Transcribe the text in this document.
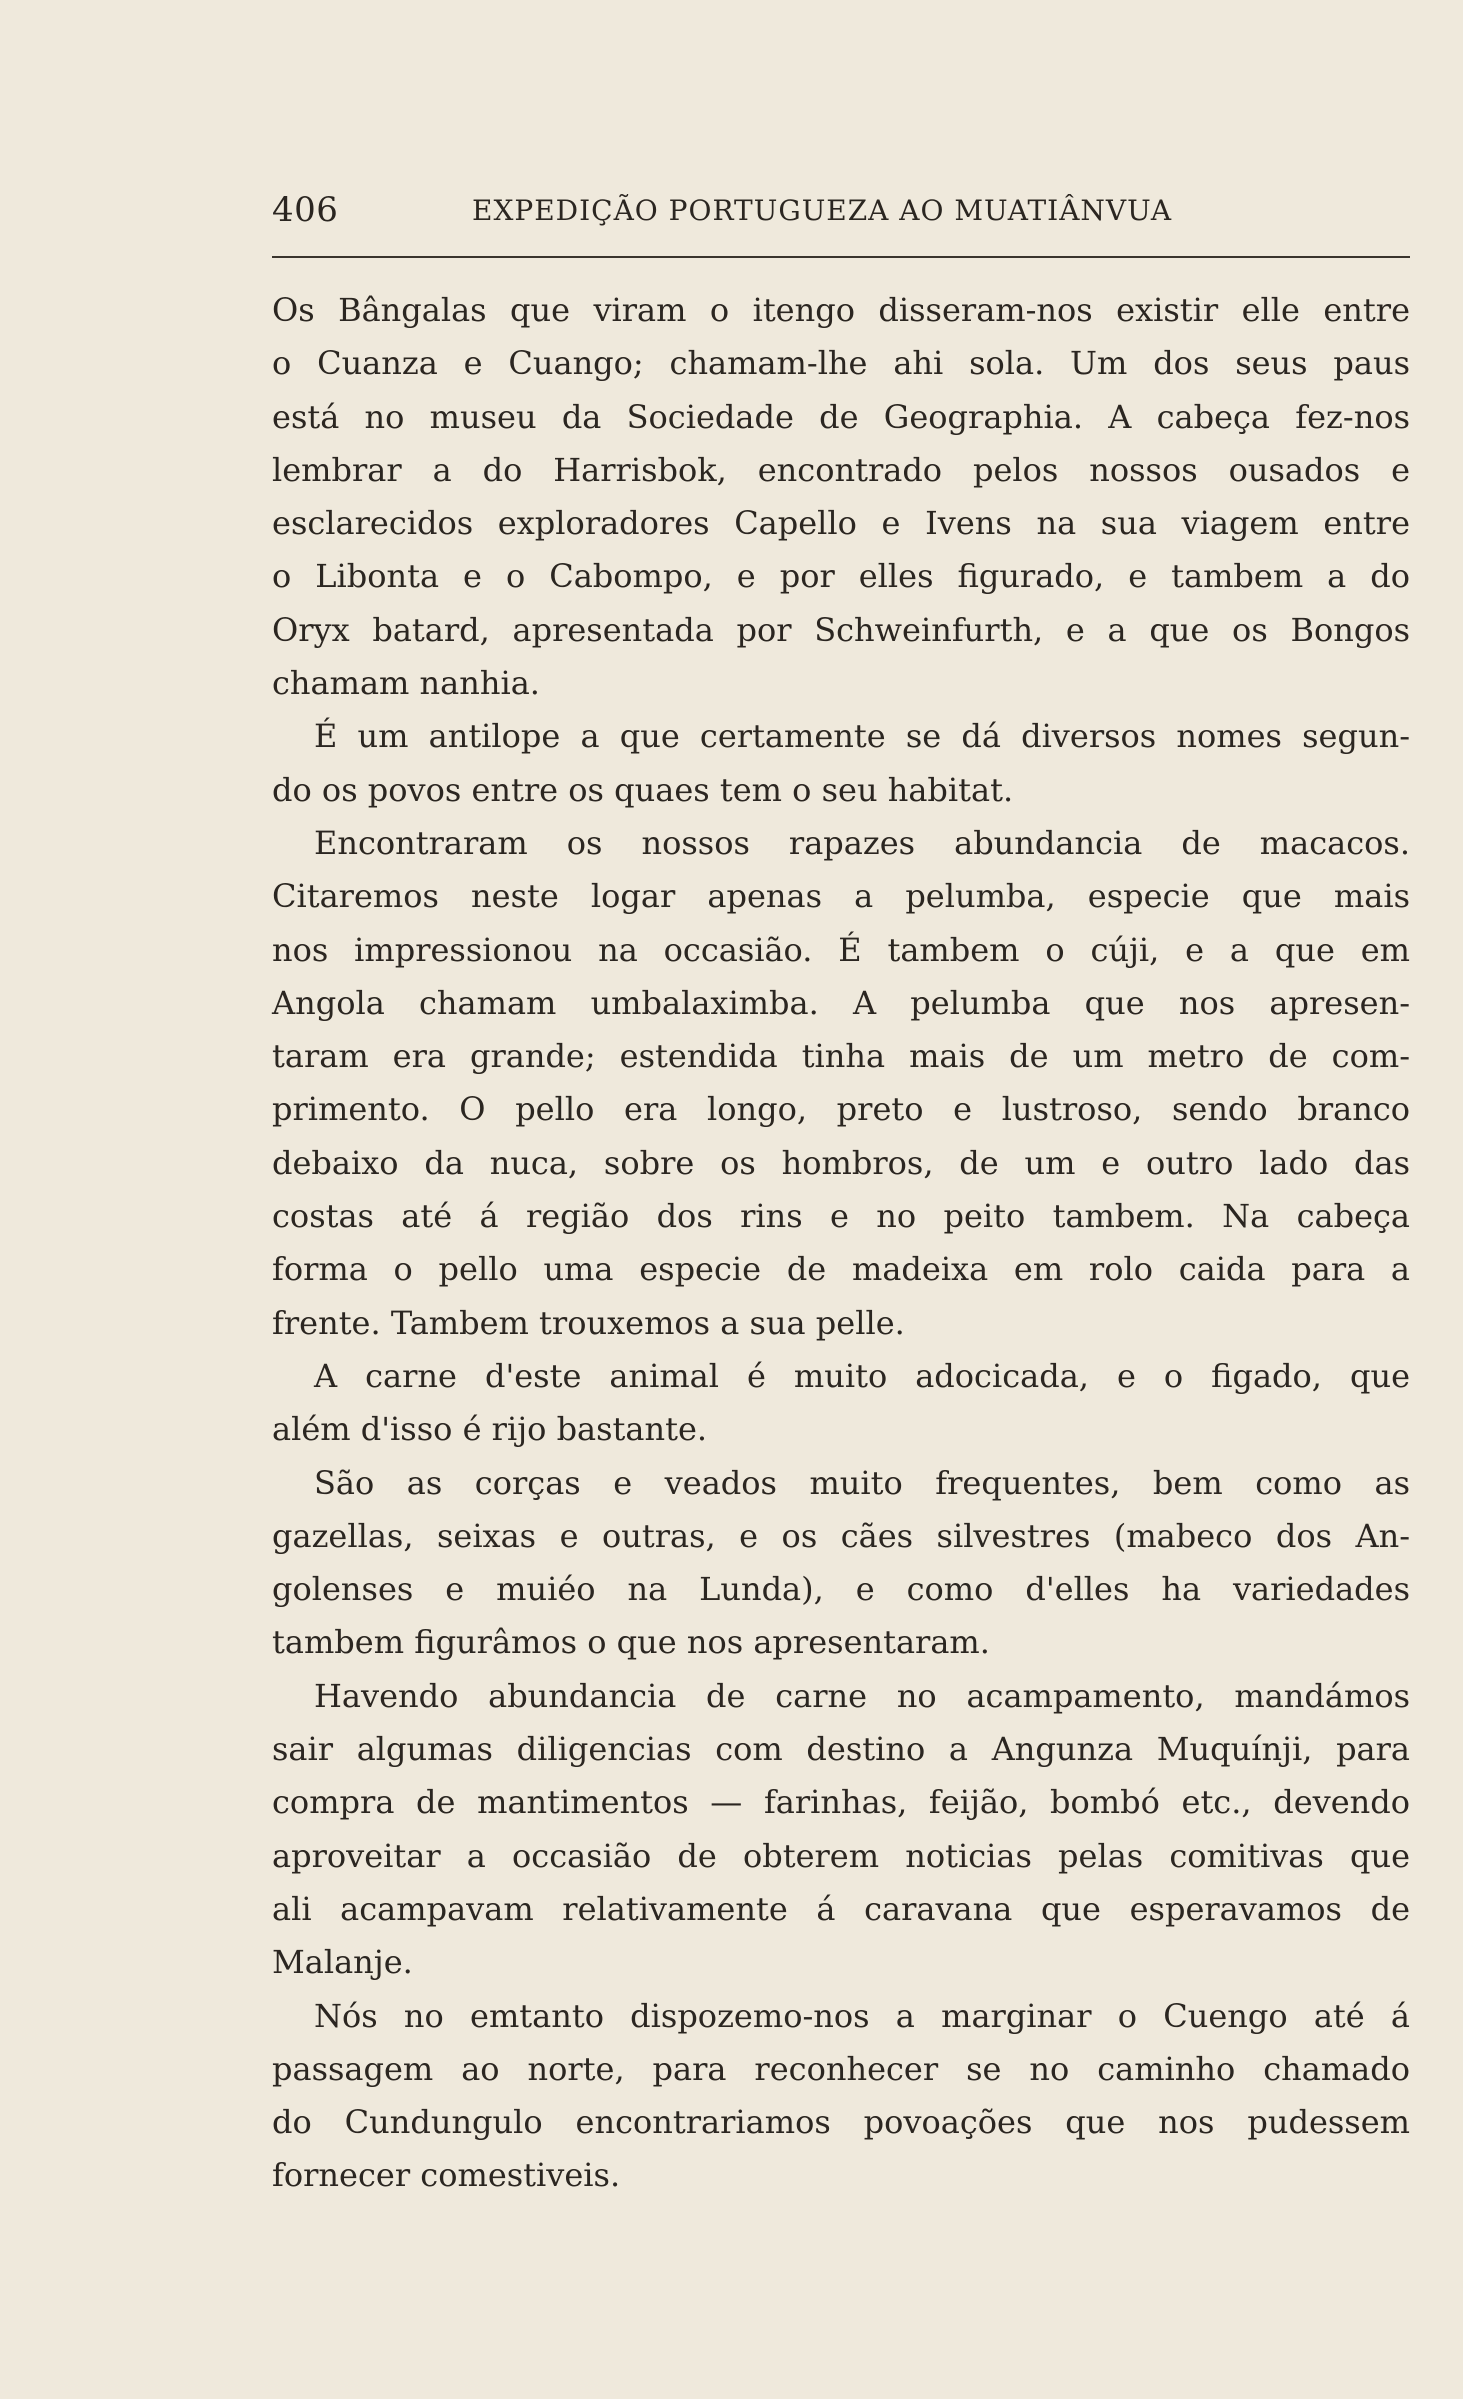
406	EXPEDIÇÃO PORTUGUEZA AO MUATIÂNVUA
Os Bângalas que viram o itengo disseram-nos existir elle entre
o Cuanza e Cuango; chamam-lhe ahi sola. Um dos seus paus
está no museu da Sociedade de Geographia. A cabeça fez-nos
lembrar a do Harrisbok, encontrado pelos nossos ousados e
esclarecidos exploradores Capello e Ivens na sua viagem entre
o Libonta e o Cabompo, e por elles figurado, e tambem a do
Oryx batard, apresentada por Schweinfurth, e a que os Bongos
chamam nanhia.
É um antilope a que certamente se dá diversos nomes segun-
do os povos entre os quaes tem o seu habitat.
Encontraram os nossos rapazes abundancia de macacos.
Citaremos neste logar apenas a pelumba, especie que mais
nos impressionou na occasião. É tambem o cúji, e a que em
Angola chamam umbalaximba. A pelumba que nos apresen-
taram era grande; estendida tinha mais de um metro de com-
primento. O pello era longo, preto e lustroso, sendo branco
debaixo da nuca, sobre os hombros, de um e outro lado das
costas até á região dos rins e no peito tambem. Na cabeça
forma o pello uma especie de madeixa em rolo caida para a
frente. Tambem trouxemos a sua pelle.
A carne d'este animal é muito adocicada, e o figado, que
além d'isso é rijo bastante.
São as corças e veados muito frequentes, bem como as
gazellas, seixas e outras, e os cães silvestres (mabeco dos An-
golenses e muiéo na Lunda), e como d'elles ha variedades
tambem figurâmos o que nos apresentaram.
Havendo abundancia de carne no acampamento, mandámos
sair algumas diligencias com destino a Angunza Muquínji, para
compra de mantimentos — farinhas, feijão, bombó etc., devendo
aproveitar a occasião de obterem noticias pelas comitivas que
ali acampavam relativamente á caravana que esperavamos de
Malanje.
Nós no emtanto dispozemo-nos a marginar o Cuengo até á
passagem ao norte, para reconhecer se no caminho chamado
do Cundungulo encontrariamos povoações que nos pudessem
fornecer comestiveis.
